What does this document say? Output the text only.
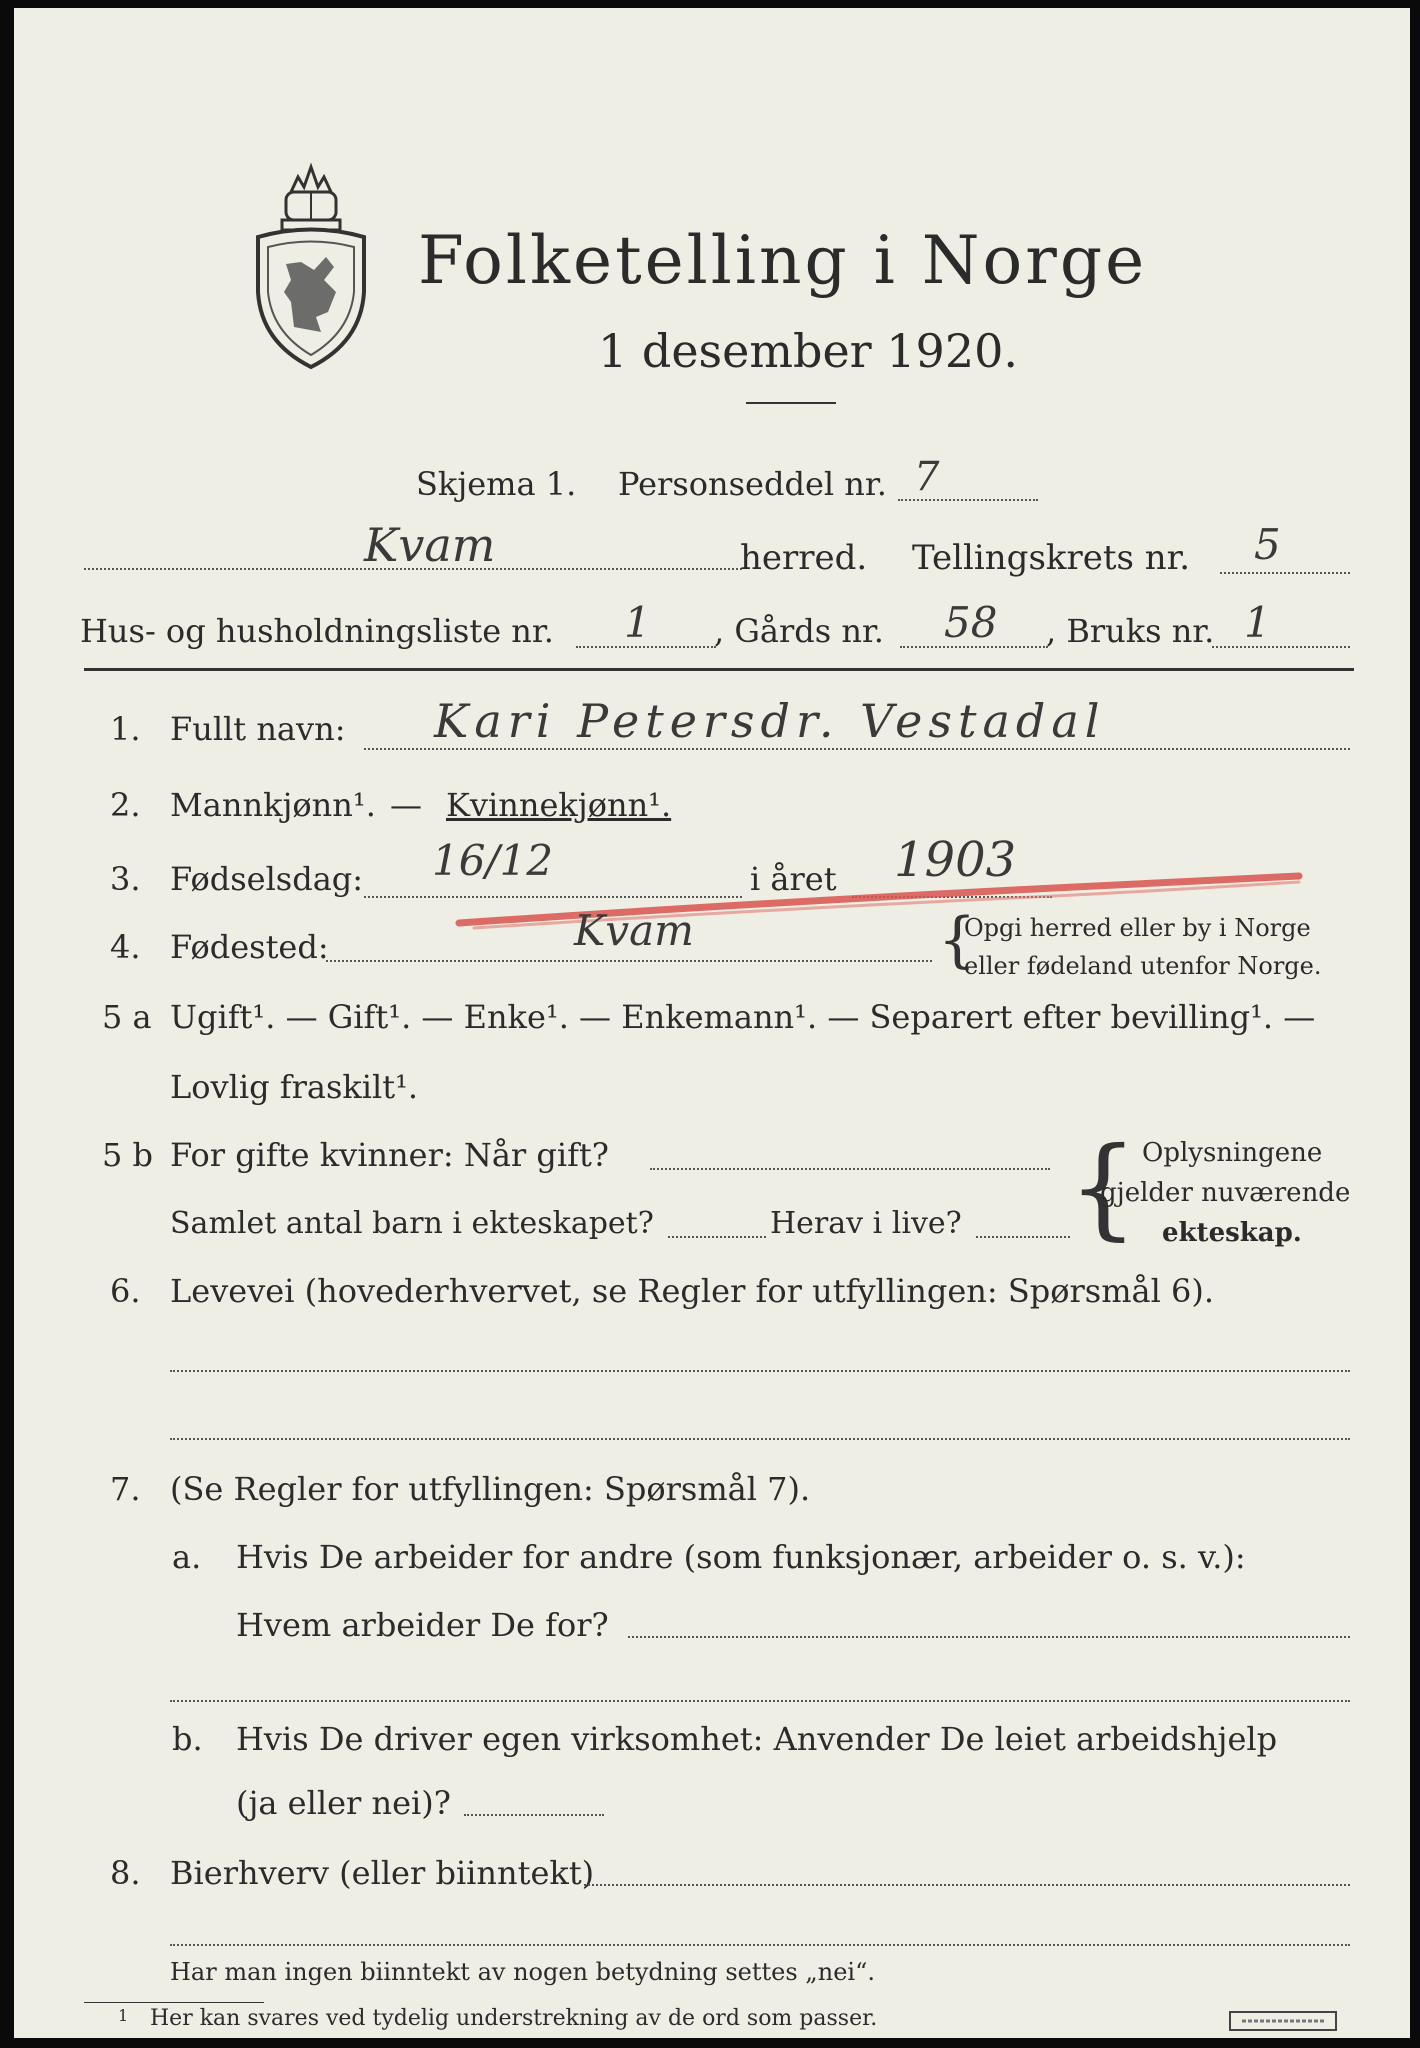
Folketelling i Norge
1 desember 1920.
Skjema 1. Personseddel nr. 7
Kvam	herred. Tellingskrets nr. 5
Hus- og husholdningsliste nr. 1 , Gårds nr. 58 , Bruks nr. 1
1. Fullt navn: Kari Petersdr. Vestadal
2. Mannkjønn¹. — Kvinnekjønn¹.
3. Fødselsdag: 16/12	i året 1903
4. Fødested:	Kvam	{
Opgi herred eller by i Norge
eller fødeland utenfor Norge.
5 a Ugift¹. — Gift¹. — Enke¹. — Enkemann¹. — Separert efter bevilling¹. —
Lovlig fraskilt¹.
5 b For gifte kvinner: Når gift?
Samlet antal barn i ekteskapet?	Herav i live? { Oplysningene
gjelder nuværende
ekteskap.
6. Levevei (hovederhvervet, se Regler for utfyllingen: Spørsmål 6).
7. (Se Regler for utfyllingen: Spørsmål 7).
a. Hvis De arbeider for andre (som funksjonær, arbeider o. s. v.):
Hvem arbeider De for?
b. Hvis De driver egen virksomhet: Anvender De leiet arbeidshjelp
(ja eller nei)?
8. Bierhverv (eller biinntekt)
Har man ingen biinntekt av nogen betydning settes „nei“.
1 Her kan svares ved tydelig understrekning av de ord som passer.
